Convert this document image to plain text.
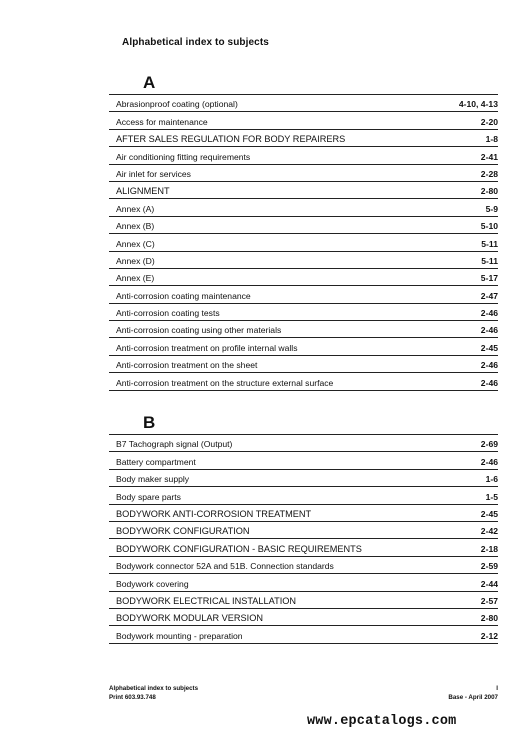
Alphabetical index to subjects
A
Abrasionproof coating (optional)	4-10, 4-13
Access for maintenance	2-20
AFTER SALES REGULATION FOR BODY REPAIRERS	1-8
Air conditioning fitting requirements	2-41
Air inlet for services	2-28
ALIGNMENT	2-80
Annex (A)	5-9
Annex (B)	5-10
Annex (C)	5-11
Annex (D)	5-11
Annex (E)	5-17
Anti-corrosion coating maintenance	2-47
Anti-corrosion coating tests	2-46
Anti-corrosion coating using other materials	2-46
Anti-corrosion treatment on profile internal walls	2-45
Anti-corrosion treatment on the sheet	2-46
Anti-corrosion treatment on the structure external surface	2-46
B
B7 Tachograph signal (Output)	2-69
Battery compartment	2-46
Body maker supply	1-6
Body spare parts	1-5
BODYWORK ANTI-CORROSION TREATMENT	2-45
BODYWORK CONFIGURATION	2-42
BODYWORK CONFIGURATION - BASIC REQUIREMENTS	2-18
Bodywork connector 52A and 51B. Connection standards	2-59
Bodywork covering	2-44
BODYWORK ELECTRICAL INSTALLATION	2-57
BODYWORK MODULAR VERSION	2-80
Bodywork mounting - preparation	2-12
Alphabetical index to subjects	I
Print 603.93.748	Base - April 2007
www.epcatalogs.com
